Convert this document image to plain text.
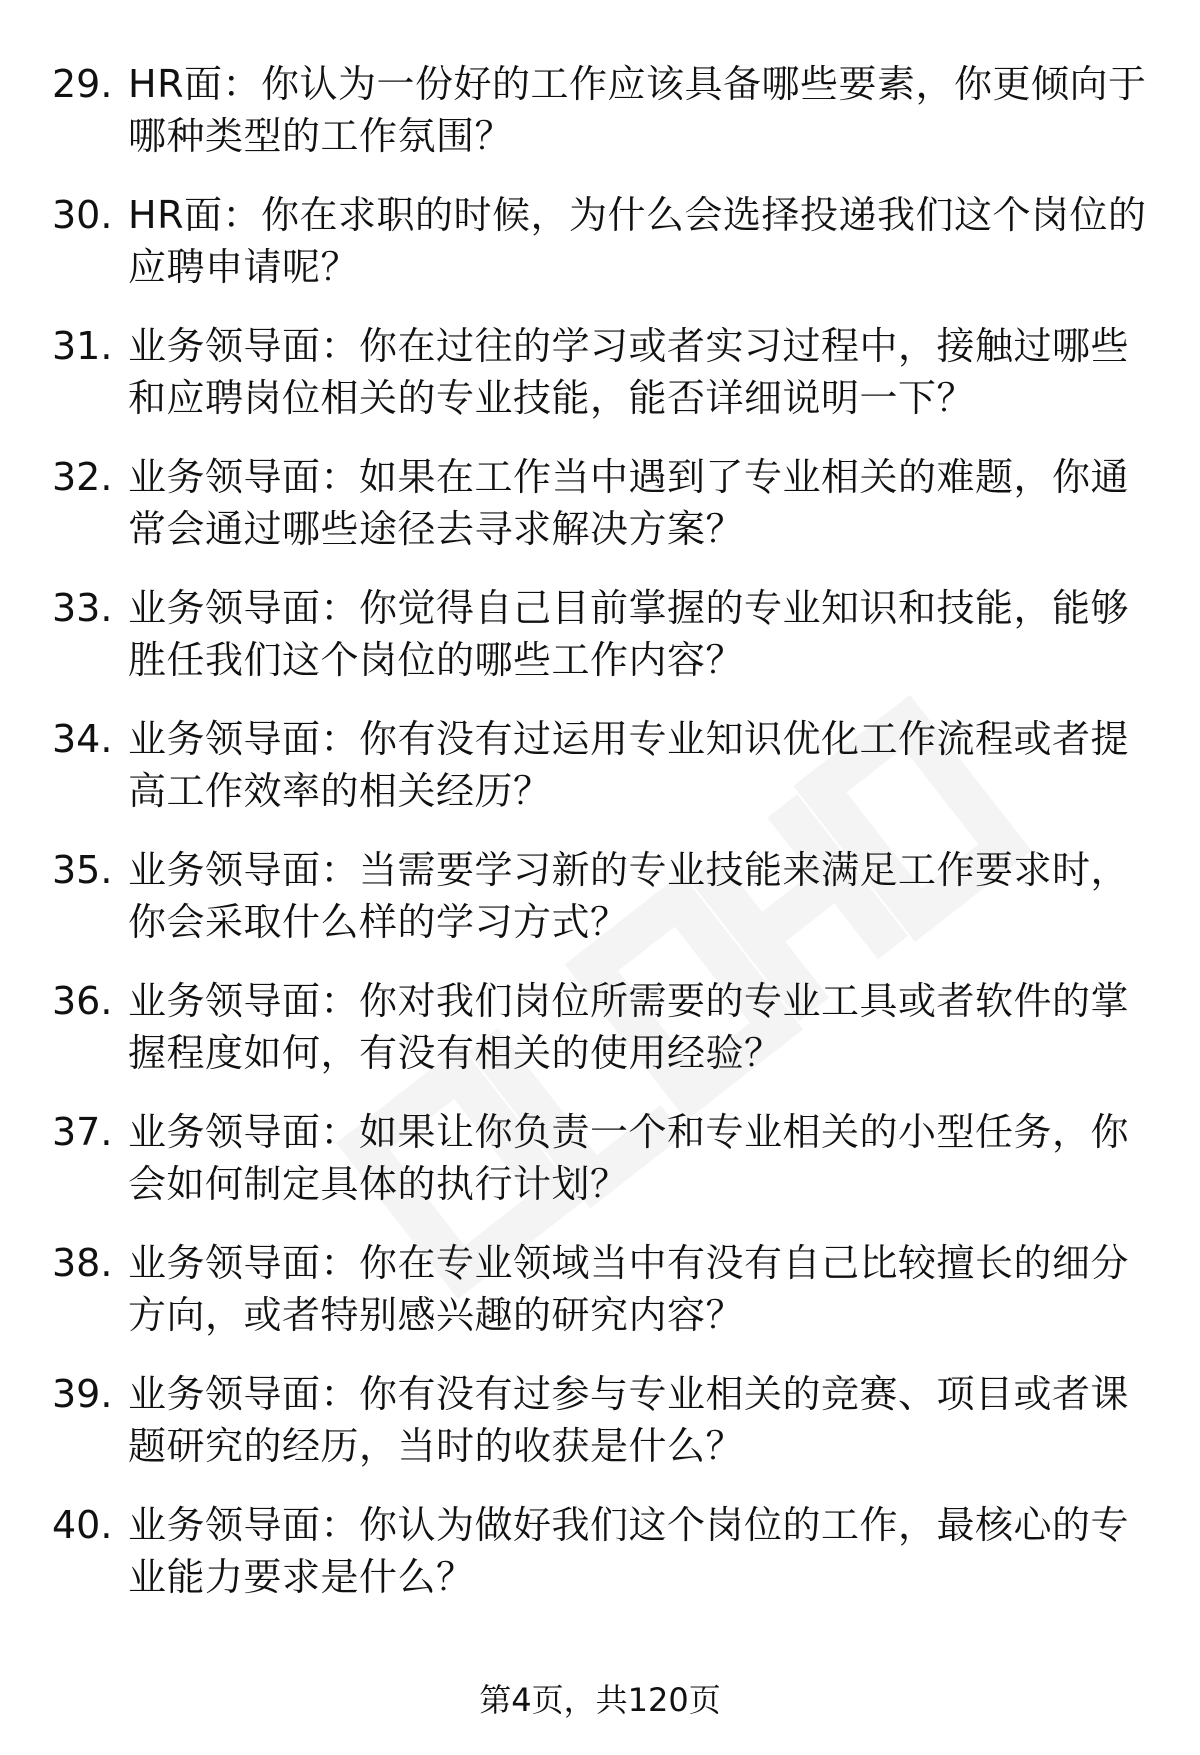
29. HR面：你认为一份好的工作应该具备哪些要素，你更倾向于哪种类型的工作氛围？
30. HR面：你在求职的时候，为什么会选择投递我们这个岗位的应聘申请呢？
31. 业务领导面：你在过往的学习或者实习过程中，接触过哪些和应聘岗位相关的专业技能，能否详细说明一下？
32. 业务领导面：如果在工作当中遇到了专业相关的难题，你通常会通过哪些途径去寻求解决方案？
33. 业务领导面：你觉得自己目前掌握的专业知识和技能，能够胜任我们这个岗位的哪些工作内容？
34. 业务领导面：你有没有过运用专业知识优化工作流程或者提高工作效率的相关经历？
35. 业务领导面：当需要学习新的专业技能来满足工作要求时，你会采取什么样的学习方式？
36. 业务领导面：你对我们岗位所需要的专业工具或者软件的掌握程度如何，有没有相关的使用经验？
37. 业务领导面：如果让你负责一个和专业相关的小型任务，你会如何制定具体的执行计划？
38. 业务领导面：你在专业领域当中有没有自己比较擅长的细分方向，或者特别感兴趣的研究内容？
39. 业务领导面：你有没有过参与专业相关的竞赛、项目或者课题研究的经历，当时的收获是什么？
40. 业务领导面：你认为做好我们这个岗位的工作，最核心的专业能力要求是什么？
第4页，共120页
